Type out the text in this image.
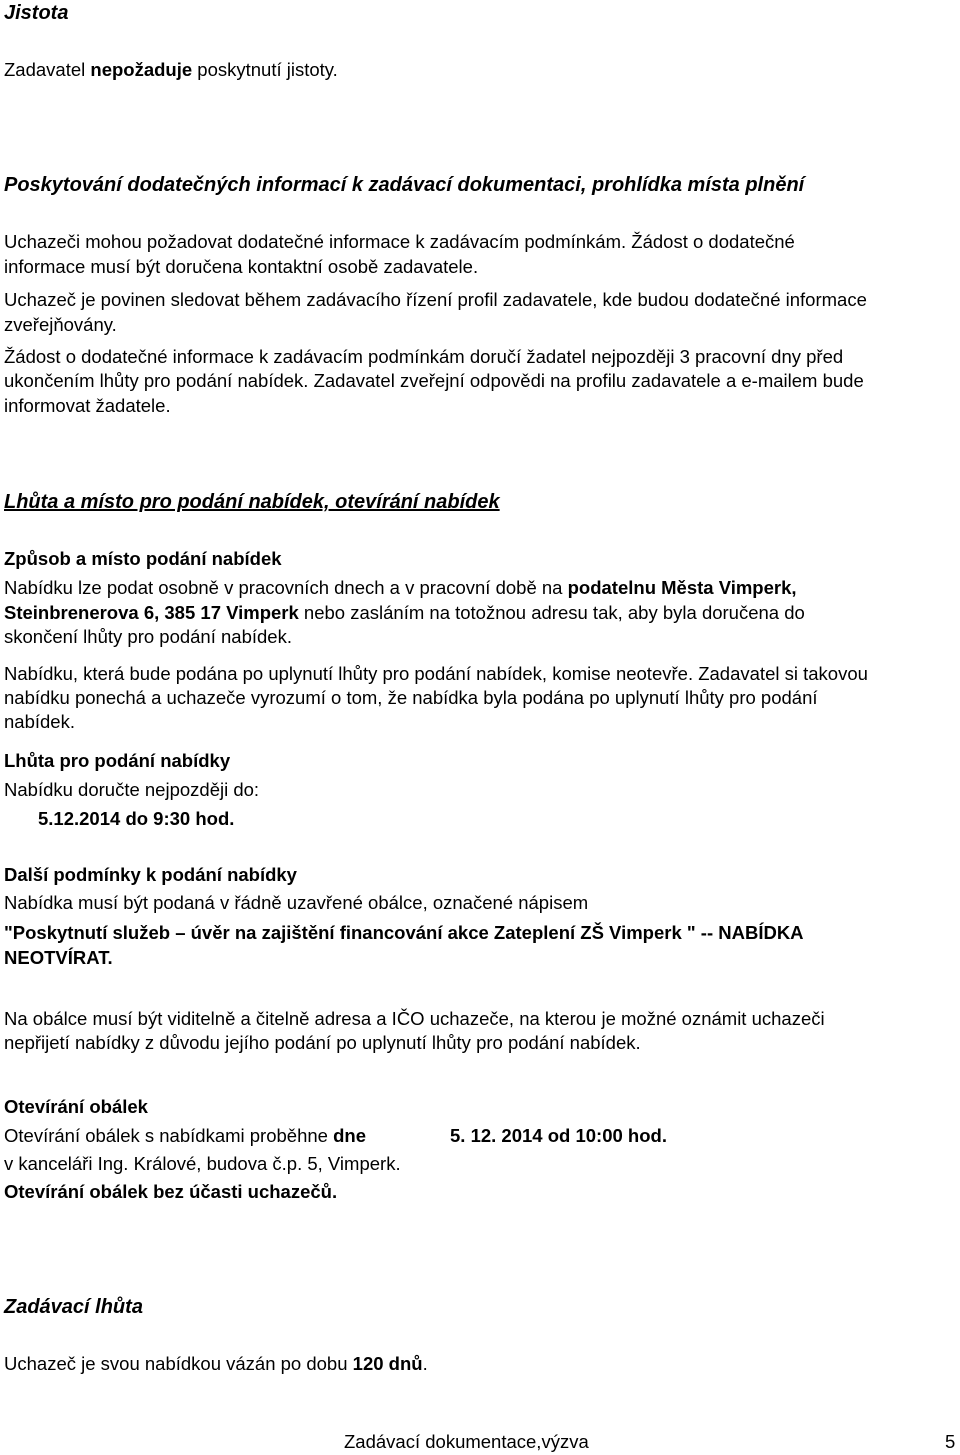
Jistota

Zadavatel nepožaduje poskytnutí jistoty.

Poskytování dodatečných informací k zadávací dokumentaci, prohlídka místa plnění

Uchazeči mohou požadovat dodatečné informace k zadávacím podmínkám. Žádost o dodatečné

informace musí být doručena kontaktní osobě zadavatele.

Uchazeč je povinen sledovat během zadávacího řízení profil zadavatele, kde budou dodatečné informace

zveřejňovány.

Žádost o dodatečné informace k zadávacím podmínkám doručí žadatel nejpozději 3 pracovní dny před

ukončením lhůty pro podání nabídek. Zadavatel zveřejní odpovědi na profilu zadavatele a e-mailem bude

informovat žadatele.

Lhůta a místo pro podání nabídek, otevírání nabídek

Způsob a místo podání nabídek

Nabídku lze podat osobně v pracovních dnech a v pracovní době na podatelnu Města Vimperk,

Steinbrenerova 6, 385 17 Vimperk nebo zasláním na totožnou adresu tak, aby byla doručena do

skončení lhůty pro podání nabídek.

Nabídku, která bude podána po uplynutí lhůty pro podání nabídek, komise neotevře. Zadavatel si takovou

nabídku ponechá a uchazeče vyrozumí o tom, že nabídka byla podána po uplynutí lhůty pro podání

nabídek.

Lhůta pro podání nabídky

Nabídku doručte nejpozději do:

5.12.2014 do 9:30 hod.

Další podmínky k podání nabídky

Nabídka musí být podaná v řádně uzavřené obálce, označené nápisem

"Poskytnutí služeb – úvěr na zajištění financování akce Zateplení ZŠ Vimperk " -- NABÍDKA

NEOTVÍRAT.

Na obálce musí být viditelně a čitelně adresa a IČO uchazeče, na kterou je možné oznámit uchazeči

nepřijetí nabídky z důvodu jejího podání po uplynutí lhůty pro podání nabídek.

Otevírání obálek

Otevírání obálek s nabídkami proběhne dne	5. 12. 2014 od 10:00 hod.

v kanceláři Ing. Králové, budova č.p. 5, Vimperk.

Otevírání obálek bez účasti uchazečů.

Zadávací lhůta

Uchazeč je svou nabídkou vázán po dobu 120 dnů.

Zadávací dokumentace,výzva	5
